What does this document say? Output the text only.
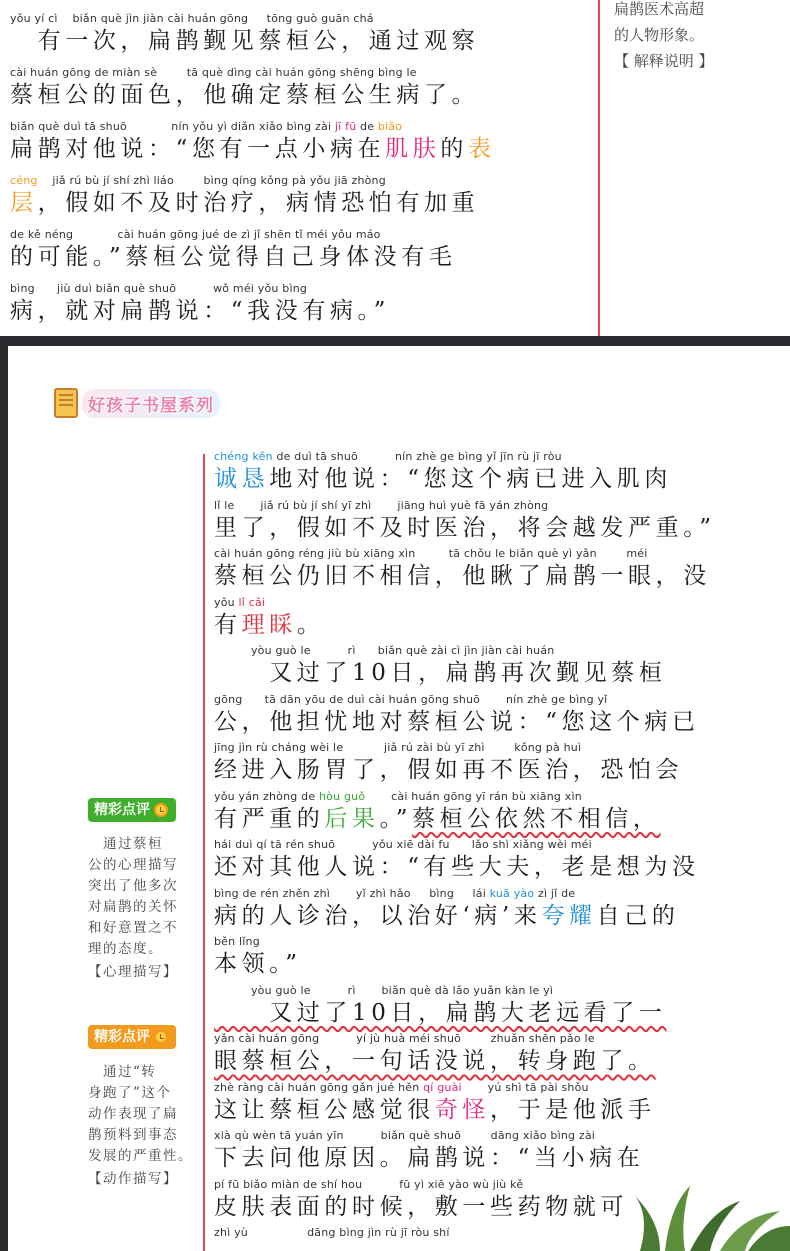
yǒu yí cì    biǎn què jìn jiàn cài huán gōng     tōng guò guān chá
　有一次，扁鹊觐见蔡桓公，通过观察
cài huán gōng de miàn sè        tā què dìng cài huán gōng shēng bìng le
蔡桓公的面色，他确定蔡桓公生病了。
biǎn què duì tā shuō            nín yǒu yì diǎn xiǎo bìng zài jī fū de biǎo
扁鹊对他说：“您有一点小病在肌肤的表
céng    jiǎ rú bù jí shí zhì liáo        bìng qíng kǒng pà yǒu jiā zhòng
层，假如不及时治疗，病情恐怕有加重
de kě néng            cài huán gōng jué de zì jǐ shēn tǐ méi yǒu máo
的可能。”蔡桓公觉得自己身体没有毛
bìng      jiù duì biǎn què shuō          wǒ méi yǒu bìng
病，就对扁鹊说：“我没有病。”
扁鹊医术高超
的人物形象。
【 解释说明 】
好孩子书屋系列
chéng kěn de duì tā shuō          nín zhè ge bìng yǐ jīn rù jī ròu
诚恳地对他说：“您这个病已进入肌肉
lǐ le       jiǎ rú bù jí shí yī zhì       jiāng huì yuè fā yán zhòng
里了，假如不及时医治，将会越发严重。”
cài huán gōng réng jiù bù xiāng xìn         tā chǒu le biǎn què yì yǎn        méi
蔡桓公仍旧不相信，他瞅了扁鹊一眼，没
yǒu lǐ cǎi
有理睬。
yòu guò le          rì      biǎn què zài cì jìn jiàn cài huán
　　又过了10日，扁鹊再次觐见蔡桓
gōng      tā dān yōu de duì cài huán gōng shuō       nín zhè ge bìng yǐ
公，他担忧地对蔡桓公说：“您这个病已
jīng jìn rù cháng wèi le           jiǎ rú zài bù yī zhì        kǒng pà huì
经进入肠胃了，假如再不医治，恐怕会
yǒu yán zhòng de hòu guǒ       cài huán gōng yī rán bù xiāng xìn
有严重的后果。”蔡桓公依然不相信，
hái duì qí tā rén shuō          yǒu xiē dài fu      lǎo shì xiǎng wèi méi
还对其他人说：“有些大夫，老是想为没
bìng de rén zhěn zhì       yǐ zhì hǎo     bìng     lái kuā yào zì jǐ de
病的人诊治，以治好‘病’来夸耀自己的
běn lǐng
本领。”
yòu guò le          rì       biǎn què dà lǎo yuǎn kàn le yì
　　又过了10日，扁鹊大老远看了一
yǎn cài huán gōng          yí jù huà méi shuō        zhuǎn shēn pǎo le
眼蔡桓公，一句话没说，转身跑了。
zhè ràng cài huán gōng gǎn jué hěn qí guài       yú shì tā pài shǒu
这让蔡桓公感觉很奇怪，于是他派手
xià qù wèn tā yuán yīn          biǎn què shuō        dāng xiǎo bìng zài
下去问他原因。扁鹊说：“当小病在
pí fū biǎo miàn de shí hou          fū yì xiē yào wù jiù kě
皮肤表面的时候，敷一些药物就可
zhì yù                dāng bìng jìn rù jī ròu shí
精彩点评
　通过蔡桓
公的心理描写
突出了他多次
对扁鹊的关怀
和好意置之不
理的态度。
【心理描写】
精彩点评
　通过“转
身跑了”这个
动作表现了扁
鹊预料到事态
发展的严重性。
【动作描写】
